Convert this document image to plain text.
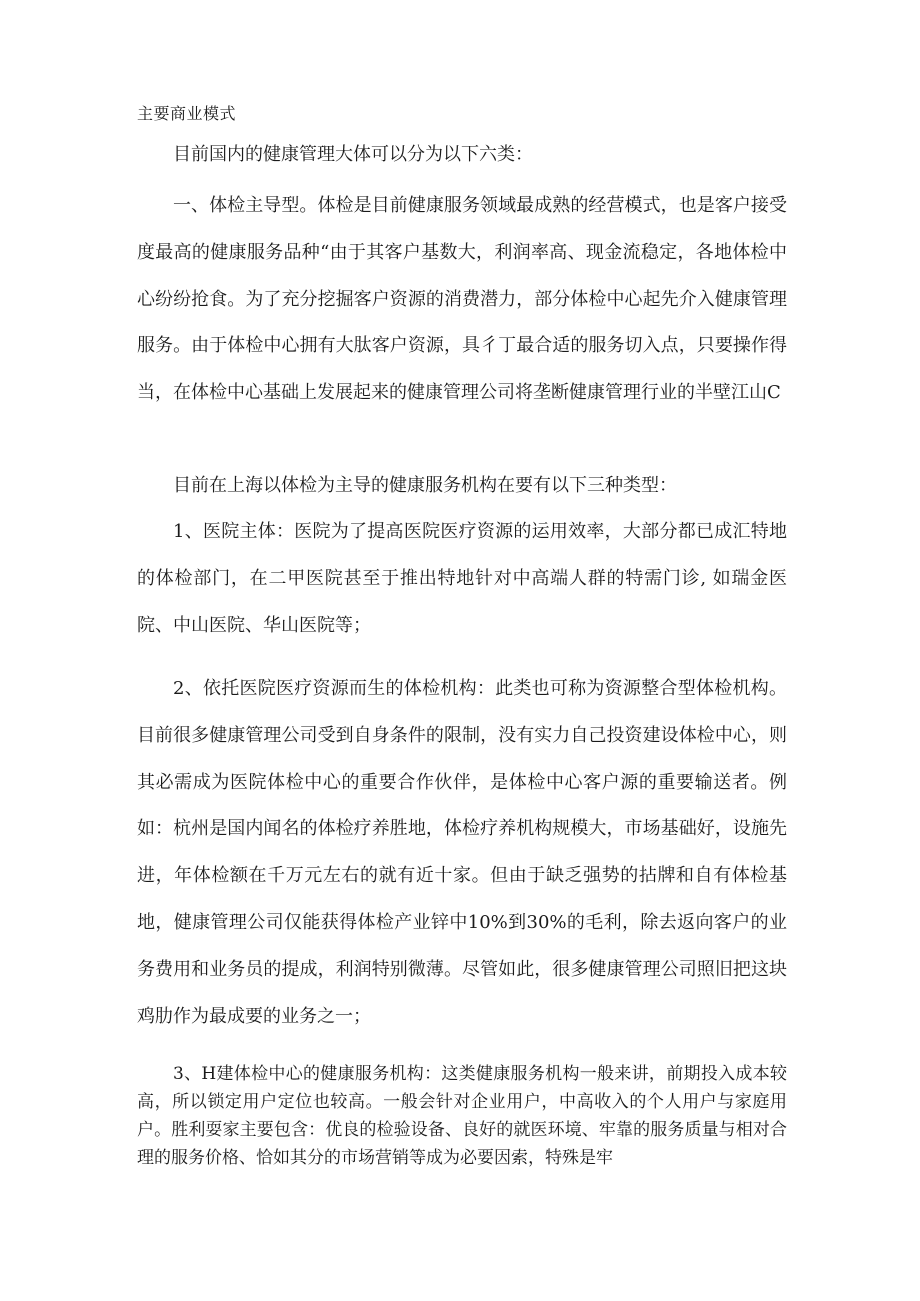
主要商业模式

目前国内的健康管理大体可以分为以下六类：

一、体检主导型。体检是目前健康服务领域最成熟的经营模式，也是客户接受度最高的健康服务品种“由于其客户基数大，利润率高、现金流稳定，各地体检中心纷纷抢食。为了充分挖掘客户资源的消费潜力，部分体检中心起先介入健康管理服务。由于体检中心拥有大肽客户资源，具彳丁最合适的服务切入点，只要操作得当，在体检中心基础上发展起来的健康管理公司将垄断健康管理行业的半壁江山C

目前在上海以体检为主导的健康服务机构在要有以下三种类型：

1、医院主体：医院为了提高医院医疗资源的运用效率，大部分都已成汇特地的体检部门，在二甲医院甚至于推出特地针对中高端人群的特需门诊, 如瑞金医院、中山医院、华山医院等；

2、依托医院医疗资源而生的体检机构：此类也可称为资源整合型体检机构。目前很多健康管理公司受到自身条件的限制，没有实力自己投资建设体检中心，则其必需成为医院体检中心的重要合作伙伴，是体检中心客户源的重要输送者。例如：杭州是国内闻名的体检疗养胜地，体检疗养机构规模大，市场基础好，设施先进，年体检额在千万元左右的就有近十家。但由于缺乏强势的拈牌和自有体检基地，健康管理公司仅能获得体检产业锌中10%到30%的毛利，除去返向客户的业务费用和业务员的提成，利润特别微薄。尽管如此，很多健康管理公司照旧把这块鸡肋作为最成要的业务之一；

3、H建体检中心的健康服务机构：这类健康服务机构一般来讲，前期投入成本较高，所以锁定用户定位也较高。一般会针对企业用户，中高收入的个人用户与家庭用户。胜利耍家主要包含：优良的检验设备、良好的就医环境、牢靠的服务质量与相对合理的服务价格、恰如其分的市场营销等成为必要因索，特殊是牢
